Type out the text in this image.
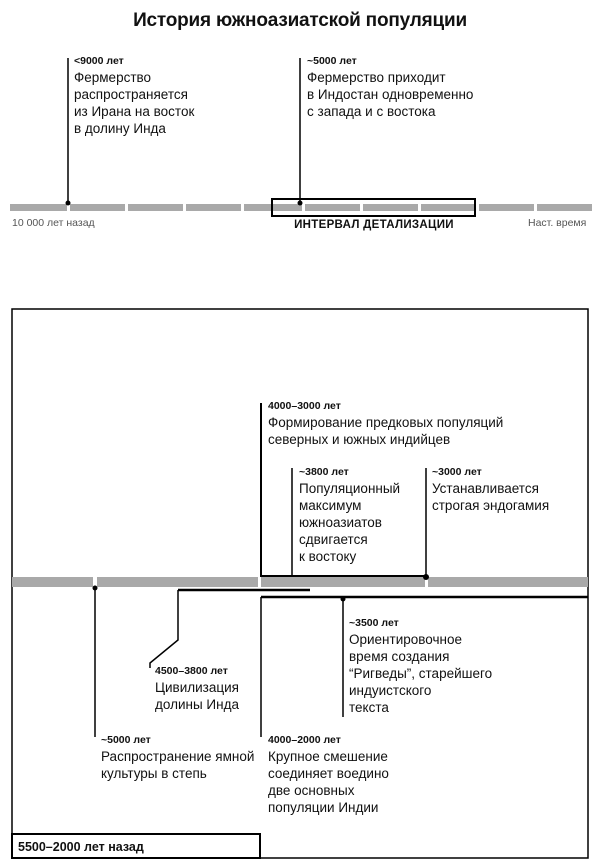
История южноазиатской популяции
<9000 лет
Фермерство
распространяется
из Ирана на восток
в долину Инда
~5000 лет
Фермерство приходит
в Индостан одновременно
с запада и с востока
10 000 лет назад	Наст. время
ИНТЕРВАЛ ДЕТАЛИЗАЦИИ
4000–3000 лет
Формирование предковых популяций
северных и южных индийцев
~3800 лет
Популяционный
максимум
южноазиатов
сдвигается
к востоку
~3000 лет
Устанавливается
строгая эндогамия
~3500 лет
Ориентировочное
время создания
“Ригведы”, старейшего
индуистского
текста
4500–3800 лет
Цивилизация
долины Инда
~5000 лет
Распространение ямной
культуры в степь
4000–2000 лет
Крупное смешение
соединяет воедино
две основных
популяции Индии
5500–2000 лет назад
